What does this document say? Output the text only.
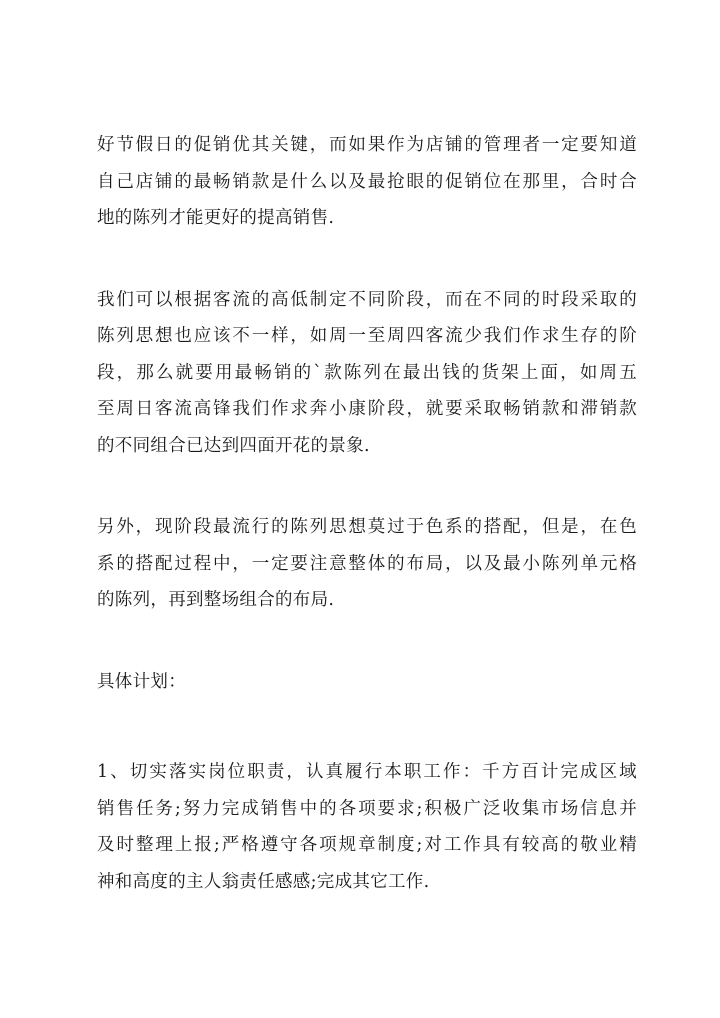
好节假日的促销优其关键，而如果作为店铺的管理者一定要知道
自己店铺的最畅销款是什么以及最抢眼的促销位在那里，合时合
地的陈列才能更好的提高销售.
我们可以根据客流的高低制定不同阶段，而在不同的时段采取的
陈列思想也应该不一样，如周一至周四客流少我们作求生存的阶
段，那么就要用最畅销的`款陈列在最出钱的货架上面，如周五
至周日客流高锋我们作求奔小康阶段，就要采取畅销款和滞销款
的不同组合已达到四面开花的景象.
另外，现阶段最流行的陈列思想莫过于色系的搭配，但是，在色
系的搭配过程中，一定要注意整体的布局，以及最小陈列单元格
的陈列，再到整场组合的布局.
具体计划：
1、切实落实岗位职责，认真履行本职工作：千方百计完成区域
销售任务;努力完成销售中的各项要求;积极广泛收集市场信息并
及时整理上报;严格遵守各项规章制度;对工作具有较高的敬业精
神和高度的主人翁责任感感;完成其它工作.
